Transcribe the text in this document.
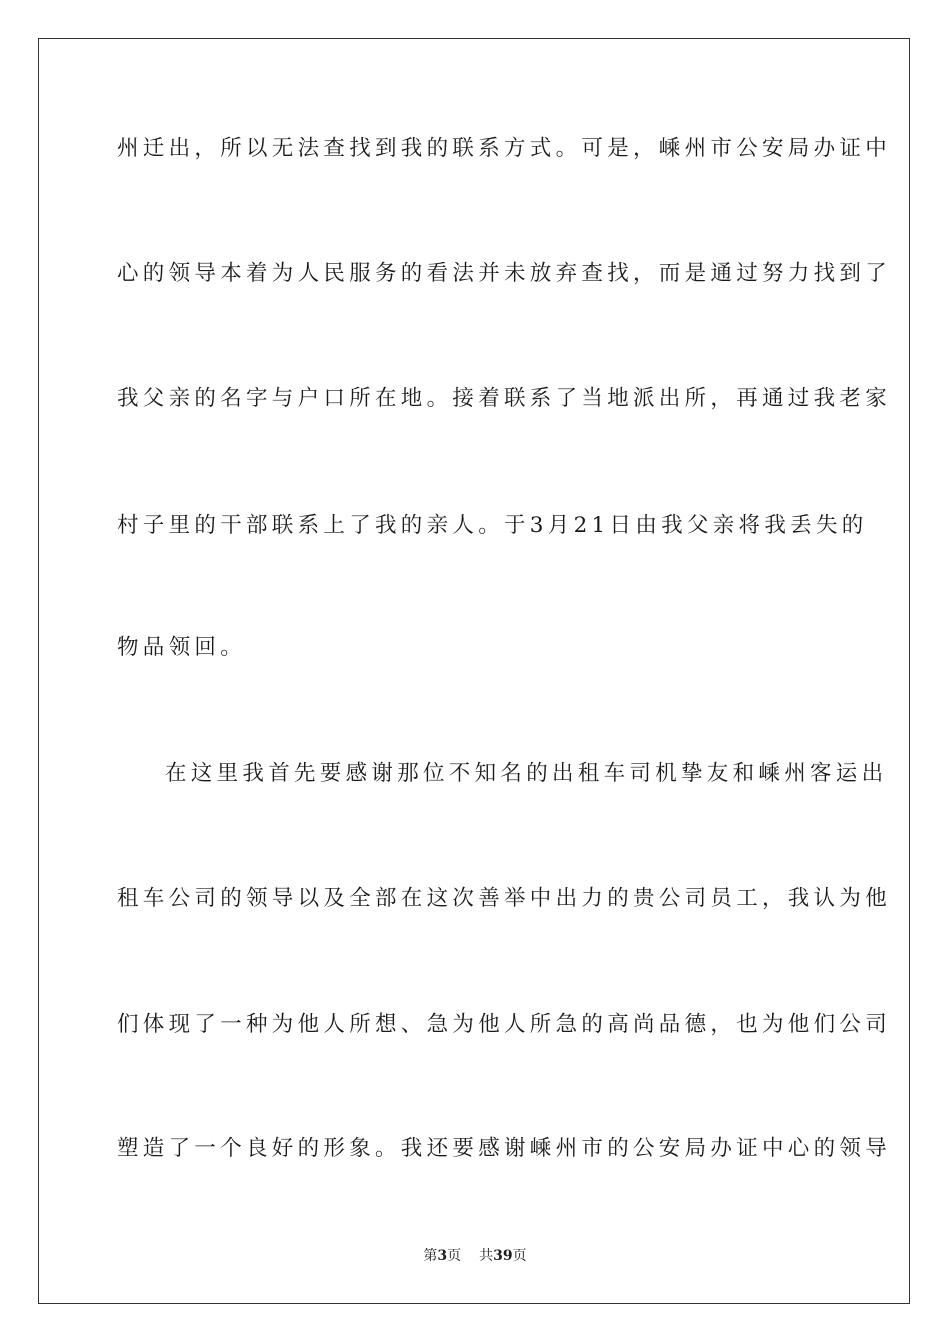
州迁出，所以无法查找到我的联系方式。可是，嵊州市公安局办证中
心的领导本着为人民服务的看法并未放弃查找，而是通过努力找到了
我父亲的名字与户口所在地。接着联系了当地派出所，再通过我老家
村子里的干部联系上了我的亲人。于3月21日由我父亲将我丢失的
物品领回。
在这里我首先要感谢那位不知名的出租车司机挚友和嵊州客运出
租车公司的领导以及全部在这次善举中出力的贵公司员工，我认为他
们体现了一种为他人所想、急为他人所急的高尚品德，也为他们公司
塑造了一个良好的形象。我还要感谢嵊州市的公安局办证中心的领导
第3页 共39页
